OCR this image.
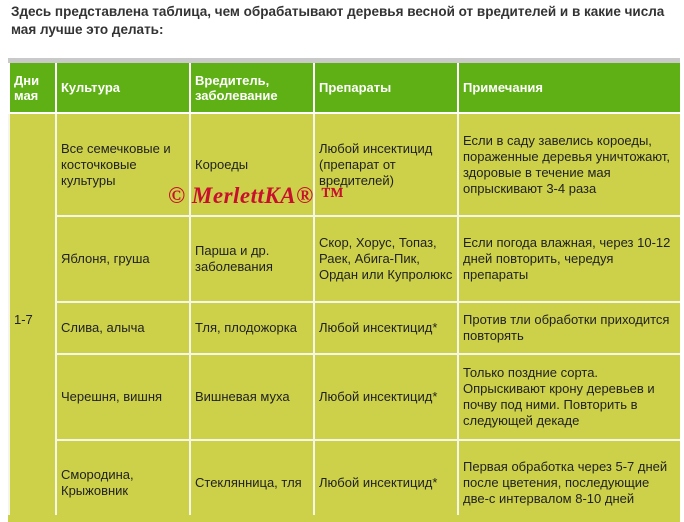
Здесь представлена таблица, чем обрабатывают деревья весной от вредителей и в какие числа мая лучше это делать:
Дни мая	Культура	Вредитель, заболевание	Препараты	Примечания
1-7	Все семечковые и косточковые культуры	Короеды	Любой инсектицид (препарат от вредителей)	Если в саду завелись короеды, пораженные деревья уничтожают, здоровые в течение мая опрыскивают 3-4 раза
	Яблоня, груша	Парша и др. заболевания	Скор, Хорус, Топаз, Раек, Абига-Пик, Ордан или Купролюкс	Если погода влажная, через 10-12 дней повторить, чередуя препараты
	Слива, алыча	Тля, плодожорка	Любой инсектицид*	Против тли обработки приходится повторять
	Черешня, вишня	Вишневая муха	Любой инсектицид*	Только поздние сорта. Опрыскивают крону деревьев и почву под ними. Повторить в следующей декаде
	Смородина, Крыжовник	Стеклянница, тля	Любой инсектицид*	Первая обработка через 5-7 дней после цветения, последующие две-с интервалом 8-10 дней
© MerlettKA® ™
